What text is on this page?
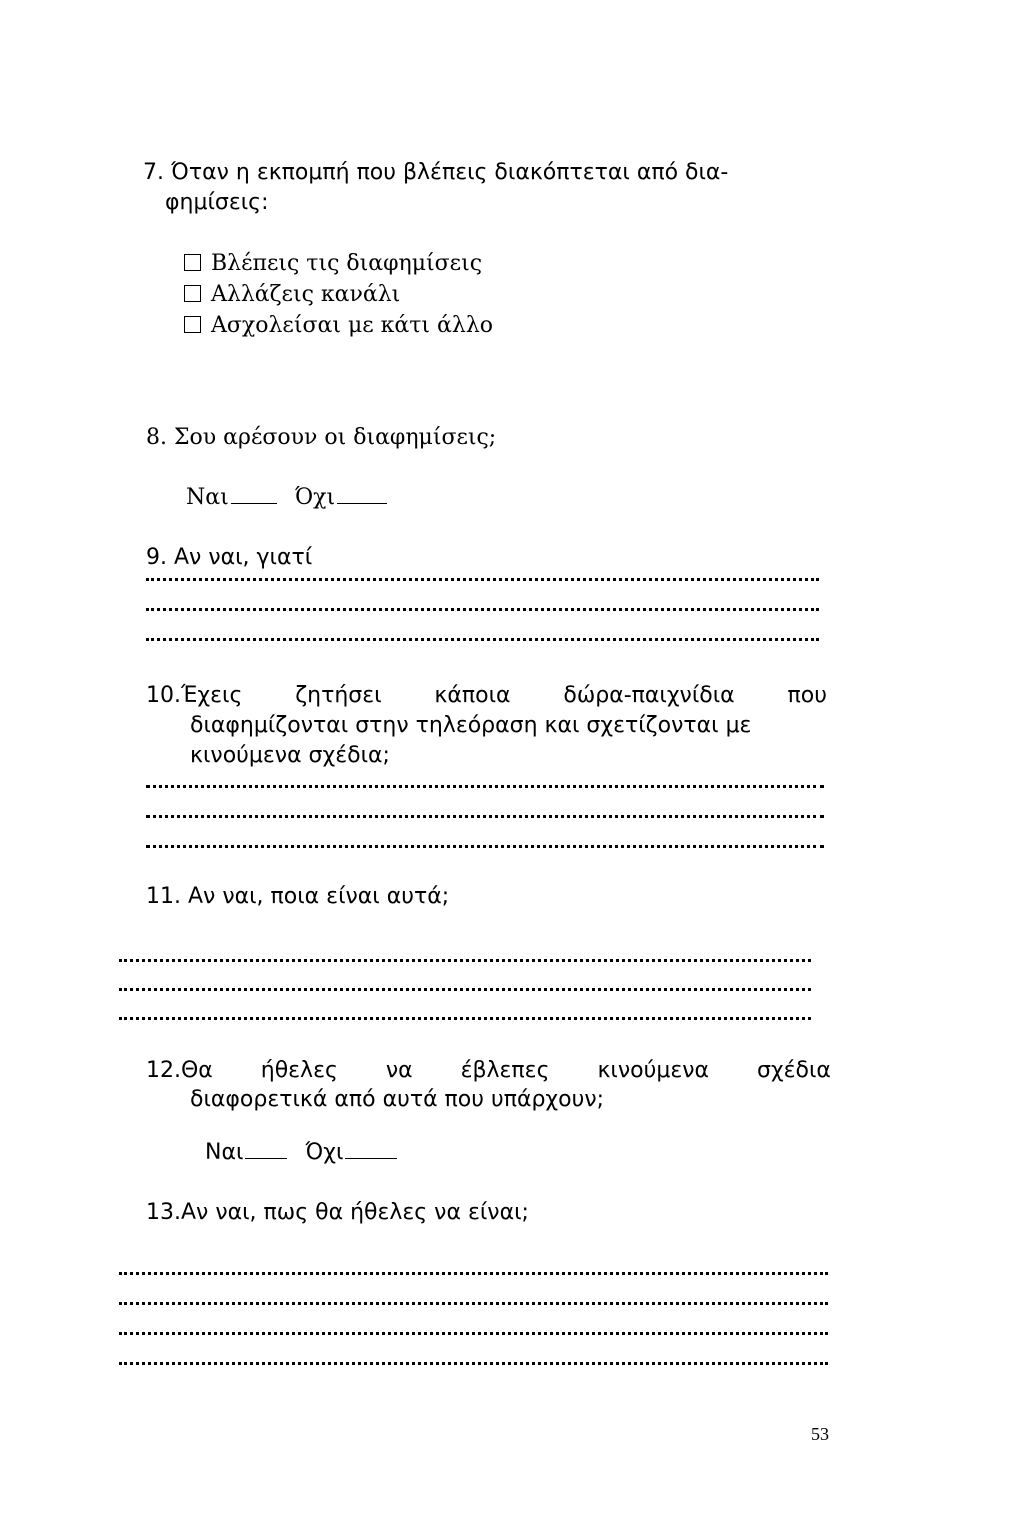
7. Όταν η εκπομπή που βλέπεις διακόπτεται από δια-
φημίσεις:
Βλέπεις τις διαφημίσεις
Αλλάζεις κανάλι
Ασχολείσαι με κάτι άλλο
8. Σου αρέσουν οι διαφημίσεις;
Ναι	Όχι
9. Αν ναι, γιατί
10.Έχεις ζητήσει κάποια δώρα-παιχνίδια που
διαφημίζονται στην τηλεόραση και σχετίζονται με
κινούμενα σχέδια;
11. Αν ναι, ποια είναι αυτά;
12.Θα ήθελες να έβλεπες κινούμενα σχέδια
διαφορετικά από αυτά που υπάρχουν;
Ναι	Όχι
13.Αν ναι, πως θα ήθελες να είναι;
53
